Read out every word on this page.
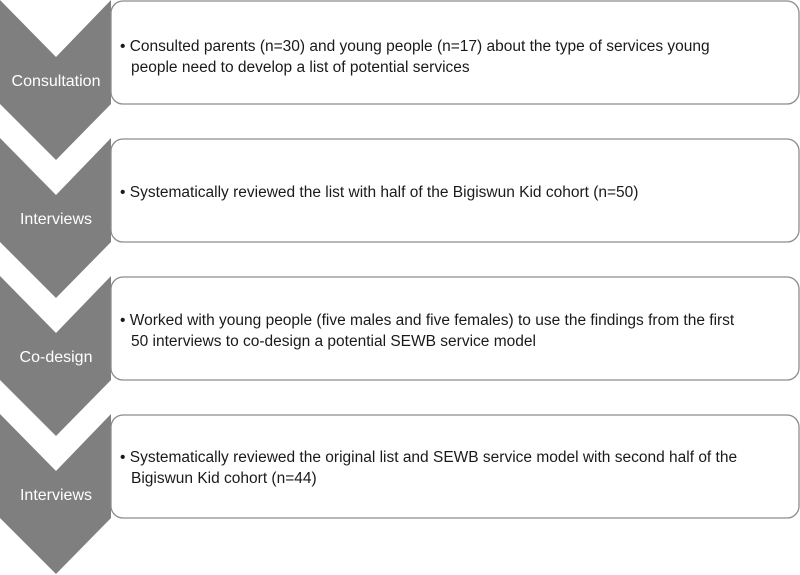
Consultation
• Consulted parents (n=30) and young people (n=17) about the type of services young
people need to develop a list of potential services
Interviews
• Systematically reviewed the list with half of the Bigiswun Kid cohort (n=50)
Co-design
• Worked with young people (five males and five females) to use the findings from the first
50 interviews to co-design a potential SEWB service model
Interviews
• Systematically reviewed the original list and SEWB service model with second half of the
Bigiswun Kid cohort (n=44)
